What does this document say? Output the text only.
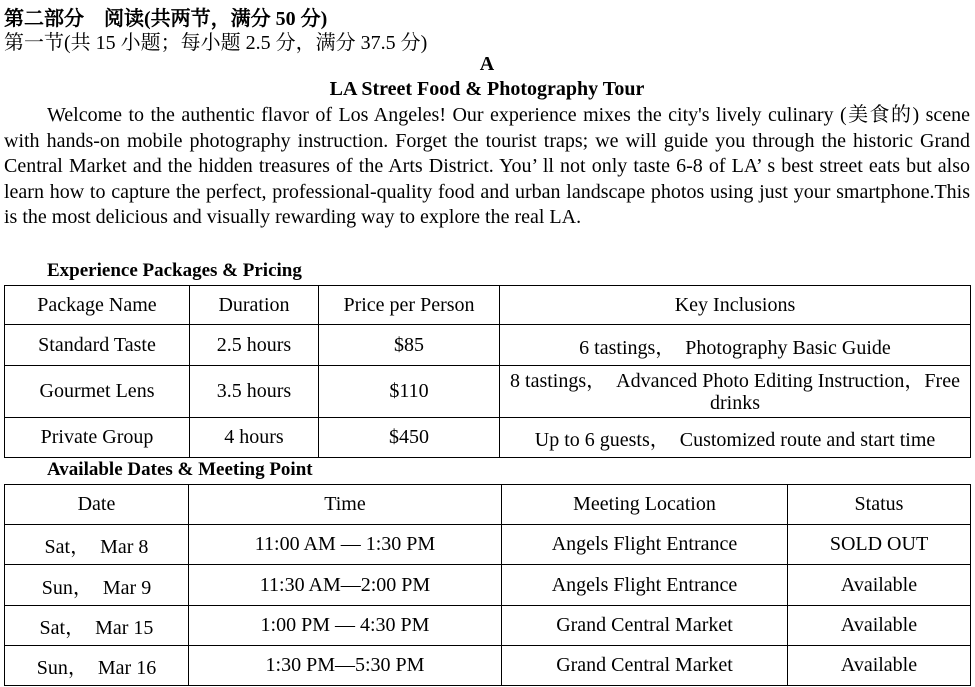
第二部分　阅读(共两节，满分 50 分)
第一节(共 15 小题；每小题 2.5 分，满分 37.5 分)
A
LA Street Food & Photography Tour

Welcome to the authentic flavor of Los Angeles! Our experience mixes the city's lively culinary (美食的) scene with hands-on mobile photography instruction. Forget the tourist traps; we will guide you through the historic Grand Central Market and the hidden treasures of the Arts District. You’ ll not only taste 6-8 of LA’ s best street eats but also learn how to capture the perfect, professional-quality food and urban landscape photos using just your smartphone.This is the most delicious and visually rewarding way to explore the real LA.

Experience Packages & Pricing
Package Name	Duration	Price per Person	Key Inclusions
Standard Taste	2.5 hours	$85	6 tastings，　Photography Basic Guide
Gourmet Lens	3.5 hours	$110	8 tastings，　Advanced Photo Editing Instruction，Free drinks
Private Group	4 hours	$450	Up to 6 guests，　Customized route and start time
Available Dates & Meeting Point
Date	Time	Meeting Location	Status
Sat，　Mar 8	11:00 AM — 1:30 PM	Angels Flight Entrance	SOLD OUT
Sun，　Mar 9	11:30 AM—2:00 PM	Angels Flight Entrance	Available
Sat，　Mar 15	1:00 PM — 4:30 PM	Grand Central Market	Available
Sun，　Mar 16	1:30 PM—5:30 PM	Grand Central Market	Available
